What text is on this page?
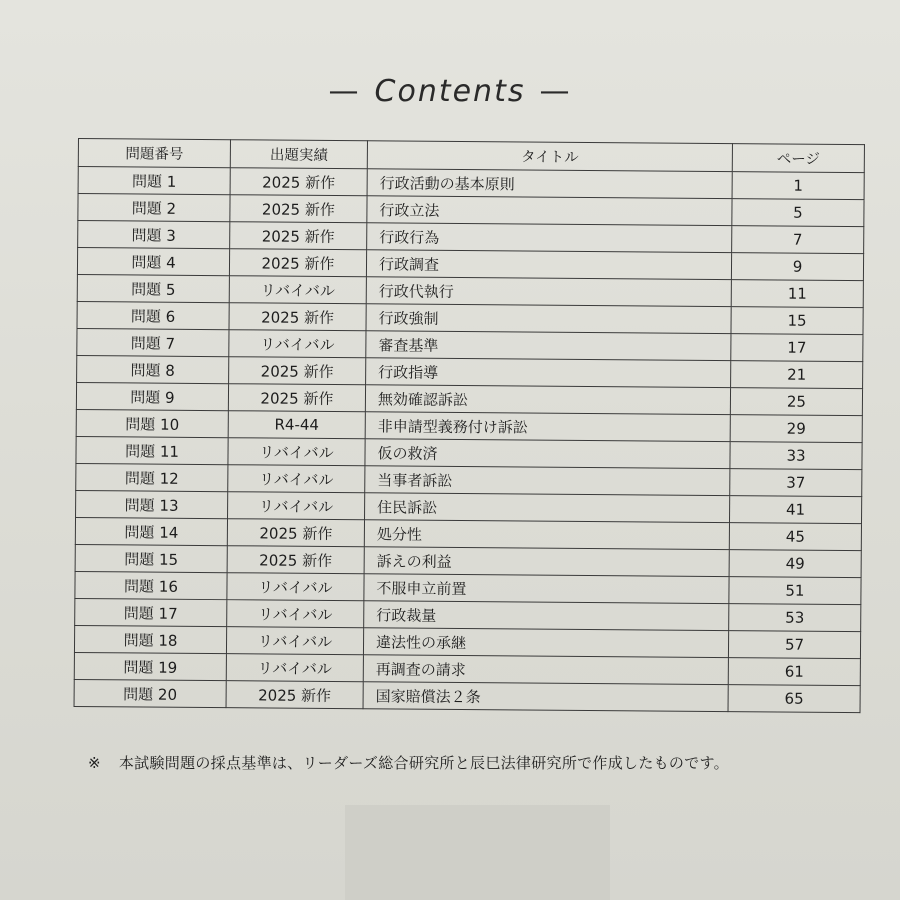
— Contents —
問題番号	出題実績	タイトル	ページ
問題 1	2025 新作	行政活動の基本原則	1
問題 2	2025 新作	行政立法	5
問題 3	2025 新作	行政行為	7
問題 4	2025 新作	行政調査	9
問題 5	リバイバル	行政代執行	11
問題 6	2025 新作	行政強制	15
問題 7	リバイバル	審査基準	17
問題 8	2025 新作	行政指導	21
問題 9	2025 新作	無効確認訴訟	25
問題 10	R4-44	非申請型義務付け訴訟	29
問題 11	リバイバル	仮の救済	33
問題 12	リバイバル	当事者訴訟	37
問題 13	リバイバル	住民訴訟	41
問題 14	2025 新作	処分性	45
問題 15	2025 新作	訴えの利益	49
問題 16	リバイバル	不服申立前置	51
問題 17	リバイバル	行政裁量	53
問題 18	リバイバル	違法性の承継	57
問題 19	リバイバル	再調査の請求	61
問題 20	2025 新作	国家賠償法２条	65
※ 本試験問題の採点基準は、リーダーズ総合研究所と辰巳法律研究所で作成したものです。
